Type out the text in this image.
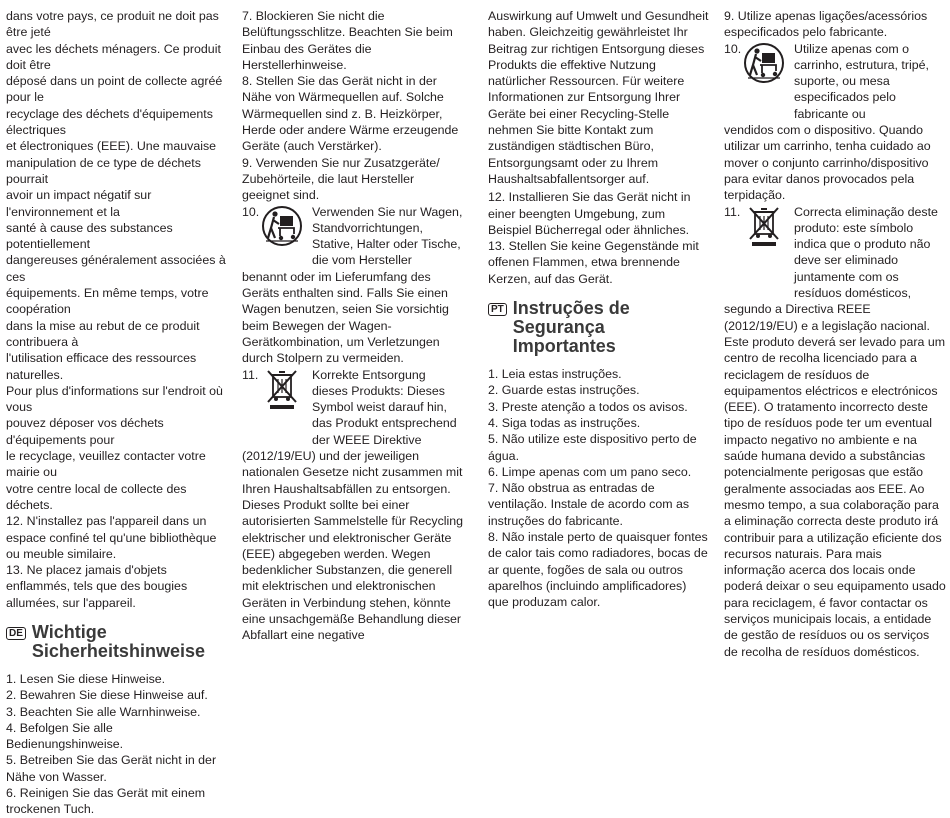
dans votre pays, ce produit ne doit pas être jeté

avec les déchets ménagers. Ce produit doit être

déposé dans un point de collecte agréé pour le

recyclage des déchets d'équipements électriques

et électroniques (EEE). Une mauvaise

manipulation de ce type de déchets pourrait

avoir un impact négatif sur l'environnement et la

santé à cause des substances potentiellement

dangereuses généralement associées à ces

équipements. En même temps, votre coopération

dans la mise au rebut de ce produit contribuera à

l'utilisation efficace des ressources naturelles.

Pour plus d'informations sur l'endroit où vous

pouvez déposer vos déchets d'équipements pour

le recyclage, veuillez contacter votre mairie ou

votre centre local de collecte des déchets.

12. N'installez pas l'appareil dans un espace confiné tel qu'une bibliothèque ou meuble similaire.

13. Ne placez jamais d'objets enflammés, tels que des bougies allumées, sur l'appareil.

DE Wichtige
Sicherheitshinweise

1. Lesen Sie diese Hinweise.

2. Bewahren Sie diese Hinweise auf.

3. Beachten Sie alle Warnhinweise.

4. Befolgen Sie alle Bedienungshinweise.

5. Betreiben Sie das Gerät nicht in der Nähe von Wasser.

6. Reinigen Sie das Gerät mit einem trockenen Tuch.

7. Blockieren Sie nicht die Belüftungsschlitze. Beachten Sie beim Einbau des Gerätes die Herstellerhinweise.

8. Stellen Sie das Gerät nicht in der Nähe von Wärmequellen auf. Solche Wärmequellen sind z. B. Heizkörper, Herde oder andere Wärme erzeugende Geräte (auch Verstärker).

9. Verwenden Sie nur Zusatzgeräte/ Zubehörteile, die laut Hersteller geeignet sind.

10.	Verwenden Sie nur Wagen, Standvorrichtungen, Stative, Halter oder Tische, die vom Hersteller

benannt oder im Lieferumfang des Geräts enthalten sind. Falls Sie einen Wagen benutzen, seien Sie vorsichtig beim Bewegen der Wagen-Gerätkombination, um Verletzungen durch Stolpern zu vermeiden.

11.	Korrekte Entsorgung dieses Produkts: Dieses Symbol weist darauf hin, das Produkt entsprechend der WEEE Direktive

(2012/19/EU) und der jeweiligen nationalen Gesetze nicht zusammen mit Ihren Haushaltsabfällen zu entsorgen.

Dieses Produkt sollte bei einer autorisierten Sammelstelle für Recycling elektrischer und elektronischer Geräte (EEE) abgegeben werden. Wegen bedenklicher Substanzen, die generell mit elektrischen und elektronischen Geräten in Verbindung stehen, könnte eine unsachgemäße Behandlung dieser Abfallart eine negative

Auswirkung auf Umwelt und Gesundheit haben. Gleichzeitig gewährleistet Ihr Beitrag zur richtigen Entsorgung dieses Produkts die effektive Nutzung natürlicher Ressourcen. Für weitere Informationen zur Entsorgung Ihrer Geräte bei einer Recycling-Stelle nehmen Sie bitte Kontakt zum zuständigen städtischen Büro, Entsorgungsamt oder zu Ihrem Haushaltsabfallentsorger auf.

12. Installieren Sie das Gerät nicht in einer beengten Umgebung, zum Beispiel Bücherregal oder ähnliches.

13. Stellen Sie keine Gegenstände mit offenen Flammen, etwa brennende Kerzen, auf das Gerät.

PT Instruções de
Segurança
Importantes

1. Leia estas instruções.

2. Guarde estas instruções.

3. Preste atenção a todos os avisos.

4. Siga todas as instruções.

5. Não utilize este dispositivo perto de água.

6. Limpe apenas com um pano seco.

7. Não obstrua as entradas de ventilação. Instale de acordo com as instruções do fabricante.

8. Não instale perto de quaisquer fontes de calor tais como radiadores, bocas de ar quente, fogões de sala ou outros aparelhos (incluindo amplificadores) que produzam calor.

9. Utilize apenas ligações/acessórios especificados pelo fabricante.

10.	Utilize apenas com o carrinho, estrutura, tripé, suporte, ou mesa especificados pelo fabricante ou

vendidos com o dispositivo. Quando utilizar um carrinho, tenha cuidado ao mover o conjunto carrinho/dispositivo para evitar danos provocados pela terpidação.

11.	Correcta eliminação deste produto: este símbolo indica que o produto não deve ser eliminado juntamente com os resíduos domésticos,

segundo a Directiva REEE (2012/19/EU) e a legislação nacional. Este produto deverá ser levado para um centro de recolha licenciado para a reciclagem de resíduos de equipamentos eléctricos e electrónicos (EEE). O tratamento incorrecto deste tipo de resíduos pode ter um eventual impacto negativo no ambiente e na saúde humana devido a substâncias potencialmente perigosas que estão geralmente associadas aos EEE. Ao mesmo tempo, a sua colaboração para a eliminação correcta deste produto irá contribuir para a utilização eficiente dos recursos naturais. Para mais informação acerca dos locais onde poderá deixar o seu equipamento usado para reciclagem, é favor contactar os serviços municipais locais, a entidade de gestão de resíduos ou os serviços de recolha de resíduos domésticos.
